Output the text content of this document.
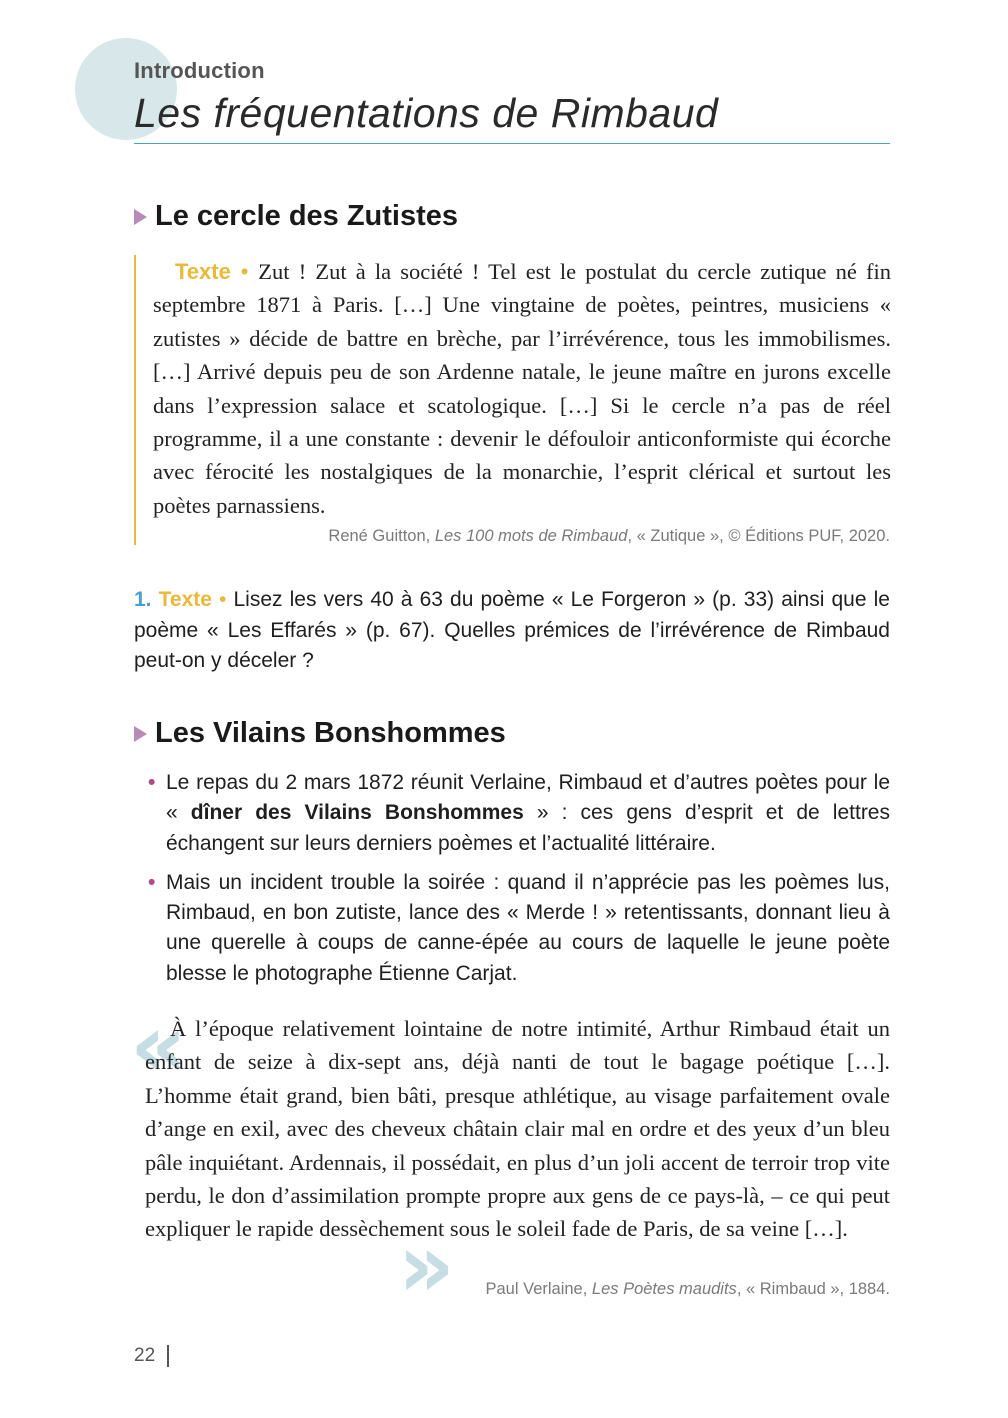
Introduction
Les fréquentations de Rimbaud
Le cercle des Zutistes
Texte • Zut ! Zut à la société ! Tel est le postulat du cercle zutique né fin septembre 1871 à Paris. […] Une vingtaine de poètes, peintres, musiciens « zutistes » décide de battre en brèche, par l’irrévérence, tous les immobilismes. […] Arrivé depuis peu de son Ardenne natale, le jeune maître en jurons excelle dans l’expression salace et scatologique. […] Si le cercle n’a pas de réel programme, il a une constante : devenir le défouloir anticonformiste qui écorche avec férocité les nostalgiques de la monarchie, l’esprit clérical et surtout les poètes parnassiens.
René Guitton, Les 100 mots de Rimbaud, « Zutique », © Éditions PUF, 2020.
1. Texte • Lisez les vers 40 à 63 du poème « Le Forgeron » (p. 33) ainsi que le poème « Les Effarés » (p. 67). Quelles prémices de l’irrévérence de Rimbaud peut-on y déceler ?
Les Vilains Bonshommes
• Le repas du 2 mars 1872 réunit Verlaine, Rimbaud et d’autres poètes pour le « dîner des Vilains Bonshommes » : ces gens d’esprit et de lettres échangent sur leurs derniers poèmes et l’actualité littéraire.
• Mais un incident trouble la soirée : quand il n’apprécie pas les poèmes lus, Rimbaud, en bon zutiste, lance des « Merde ! » retentissants, donnant lieu à une querelle à coups de canne-épée au cours de laquelle le jeune poète blesse le photographe Étienne Carjat.
«
»
À l’époque relativement lointaine de notre intimité, Arthur Rimbaud était un enfant de seize à dix-sept ans, déjà nanti de tout le bagage poétique […]. L’homme était grand, bien bâti, presque athlétique, au visage parfaitement ovale d’ange en exil, avec des cheveux châtain clair mal en ordre et des yeux d’un bleu pâle inquiétant. Ardennais, il possédait, en plus d’un joli accent de terroir trop vite perdu, le don d’assimilation prompte propre aux gens de ce pays-là, – ce qui peut expliquer le rapide dessèchement sous le soleil fade de Paris, de sa veine […].
Paul Verlaine, Les Poètes maudits, « Rimbaud », 1884.
22
